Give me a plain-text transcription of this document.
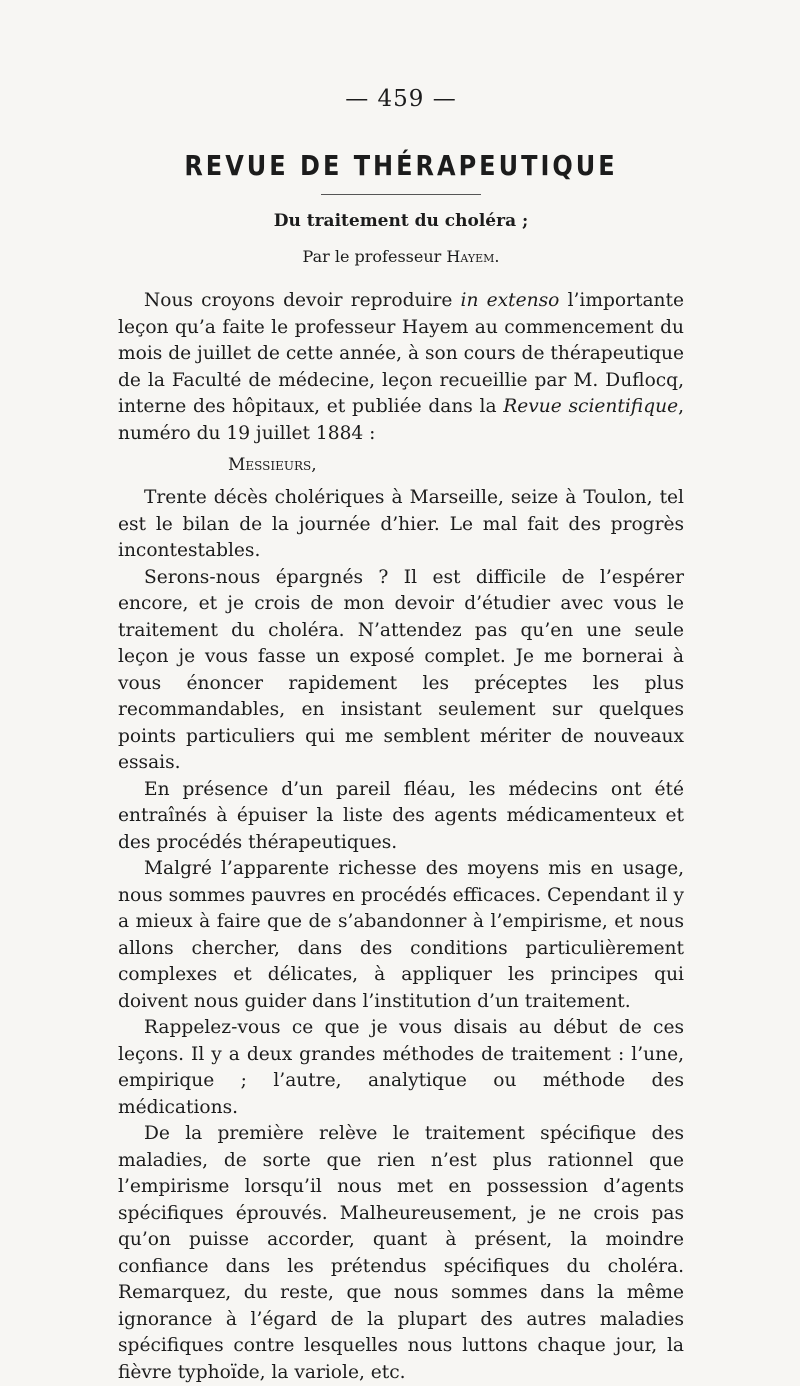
— 459 —
REVUE DE THÉRAPEUTIQUE
Du traitement du choléra ;
Par le professeur Hayem.

Nous croyons devoir reproduire in extenso l’importante leçon qu’a faite le professeur Hayem au commencement du mois de juillet de cette année, à son cours de thérapeutique de la Faculté de médecine, leçon recueillie par M. Duflocq, interne des hôpitaux, et publiée dans la Revue scientifique, numéro du 19 juillet 1884 :

Messieurs,

Trente décès cholériques à Marseille, seize à Toulon, tel est le bilan de la journée d’hier. Le mal fait des progrès incontestables.

Serons-nous épargnés ? Il est difficile de l’espérer encore, et je crois de mon devoir d’étudier avec vous le traitement du choléra. N’attendez pas qu’en une seule leçon je vous fasse un exposé complet. Je me bornerai à vous énoncer rapidement les préceptes les plus recommandables, en insistant seulement sur quelques points particuliers qui me semblent mériter de nouveaux essais.

En présence d’un pareil fléau, les médecins ont été entraînés à épuiser la liste des agents médicamenteux et des procédés thérapeutiques.

Malgré l’apparente richesse des moyens mis en usage, nous sommes pauvres en procédés efficaces. Cependant il y a mieux à faire que de s’abandonner à l’empirisme, et nous allons chercher, dans des conditions particulièrement complexes et délicates, à appliquer les principes qui doivent nous guider dans l’institution d’un traitement.

Rappelez-vous ce que je vous disais au début de ces leçons. Il y a deux grandes méthodes de traitement : l’une, empirique ; l’autre, analytique ou méthode des médications.

De la première relève le traitement spécifique des maladies, de sorte que rien n’est plus rationnel que l’empirisme lorsqu’il nous met en possession d’agents spécifiques éprouvés. Malheureusement, je ne crois pas qu’on puisse accorder, quant à présent, la moindre confiance dans les prétendus spécifiques du choléra. Remarquez, du reste, que nous sommes dans la même ignorance à l’égard de la plupart des autres maladies spécifiques contre lesquelles nous luttons chaque jour, la fièvre typhoïde, la variole, etc.
